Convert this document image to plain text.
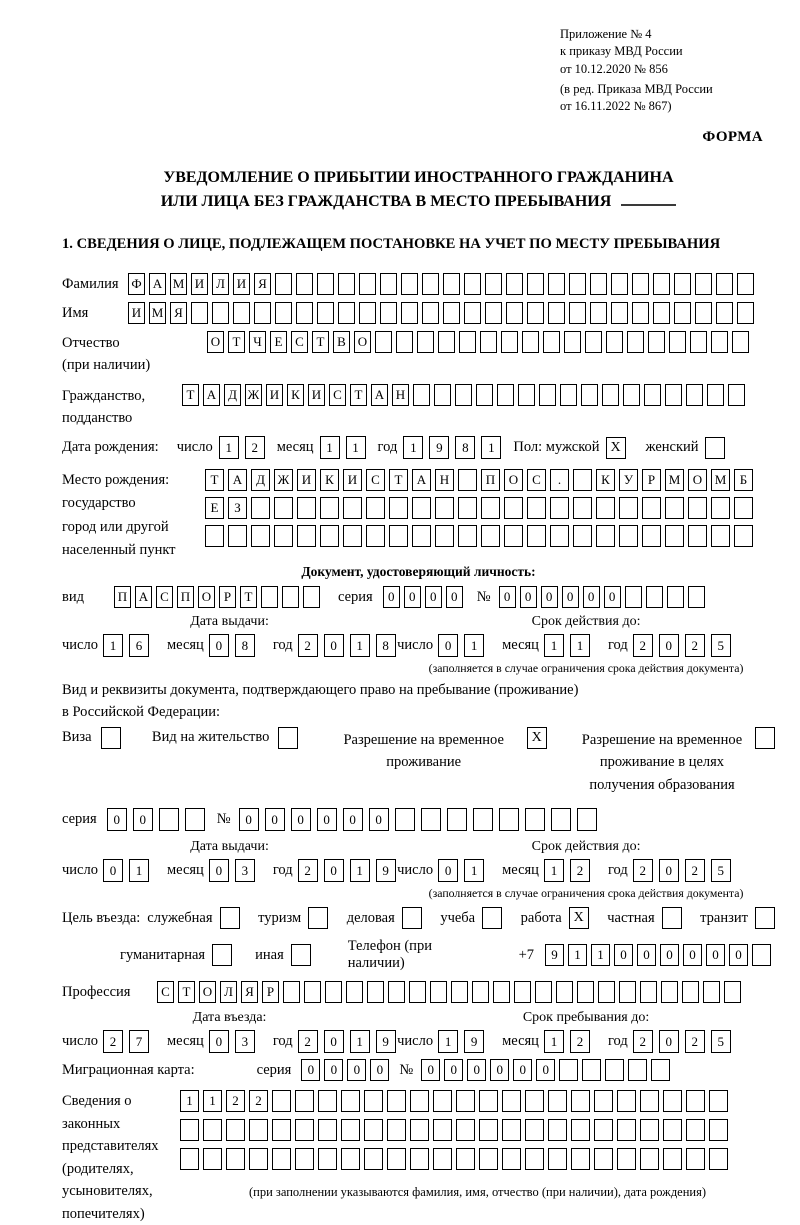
Приложение № 4
к приказу МВД России
от 10.12.2020 № 856
(в ред. Приказа МВД России
от 16.11.2022 № 867)
ФОРМА
УВЕДОМЛЕНИЕ О ПРИБЫТИИ ИНОСТРАННОГО ГРАЖДАНИНА
ИЛИ ЛИЦА БЕЗ ГРАЖДАНСТВА В МЕСТО ПРЕБЫВАНИЯ
1. СВЕДЕНИЯ О ЛИЦЕ, ПОДЛЕЖАЩЕМ ПОСТАНОВКЕ НА УЧЕТ ПО МЕСТУ ПРЕБЫВАНИЯ
Фамилия Ф А М И Л И Я
Имя	И М Я
Отчество
(при наличии)
О Т Ч Е С Т В О
Гражданство,
подданство
Т А Д Ж И К И С Т А Н
Дата рождения: число 1	2	месяц 1	1	год 1	9	8	1	Пол: мужской X	женский
Место рождения:
государство
город или другой
населенный пункт
Т	А	Д Ж И	К	И	С	Т	А	Н	П	О	С	.	К	У	Р	М О М	Б

Е	З

Документ, удостоверяющий личность:
вид	П А С П О Р	Т	серия	0	0	0	0	№	0	0	0	0	0	0
Дата выдачи:
число 1	6	месяц 0	8	год 2	0	1	8
Срок действия до:
число 0	1	месяц 1	1	год 2	0	2	5
(заполняется в случае ограничения срока действия документа)
Вид и реквизиты документа, подтверждающего право на пребывание (проживание)
в Российской Федерации:
Виза	Вид на жительство	Разрешение на временное проживание
X	Разрешение на временное проживание в целях получения образования
серия	0	0	№	0	0	0	0	0	0
Дата выдачи:
число 0	1	месяц 0	3	год 2	0	1	9
Срок действия до:
число 0	1	месяц 1	2	год 2	0	2	5
(заполняется в случае ограничения срока действия документа)
Цель въезда: служебная	туризм	деловая	учеба	работа X	частная	транзит
гуманитарная	иная
Телефон (при наличии)
+7	9	1	1	0	0	0	0	0	0
Профессия	С Т О Л Я	Р
Дата въезда:
число 2	7	месяц 0	3	год 2	0	1	9
Срок пребывания до:
число 1	9	месяц 1	2	год 2	0	2	5
Миграционная карта:	серия	0	0	0	0	№	0	0	0	0	0	0
Сведения о
законных
представителях
(родителях,
усыновителях,
попечителях)
1	1	2	2

(при заполнении указываются фамилия, имя, отчество (при наличии), дата рождения)
